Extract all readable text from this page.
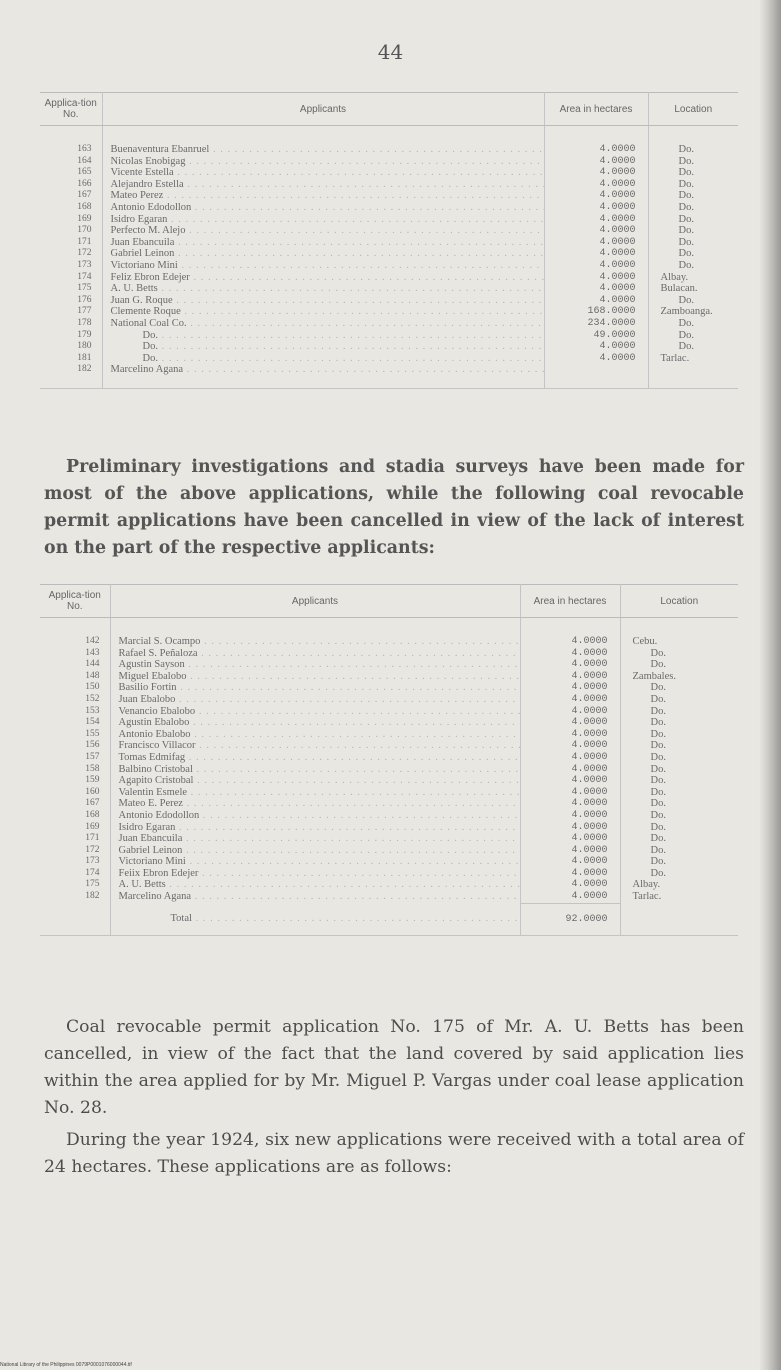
44
Applica-tion No.	Applicants	Area in hectares	Location
163	Buenaventura Ebanruel . . .	4.0000	Do.
164	Nicolas Enobigag . . .	4.0000	Do.
165	Vicente Estella . . .	4.0000	Do.
166	Alejandro Estella . . .	4.0000	Do.
167	Mateo Perez . . .	4.0000	Do.
168	Antonio Edodollon . . .	4.0000	Do.
169	Isidro Egaran . . .	4.0000	Do.
170	Perfecto M. Alejo . . .	4.0000	Do.
171	Juan Ebancuila . . .	4.0000	Do.
172	Gabriel Leinon . . .	4.0000	Do.
173	Victoriano Mini . . .	4.0000	Do.
174	Feliz Ebron Edejer . . .	4.0000	Albay.
175	A. U. Betts . . .	4.0000	Bulacan.
176	Juan G. Roque . . .	4.0000	Do.
177	Clemente Roque . . .	168.0000	Zamboanga.
178	National Coal Co. . . .	234.0000	Do.
179	Do. . . .	49.0000	Do.
180	Do. . . .	4.0000	Do.
181	Do. . . .	4.0000	Tarlac.
182	Marcelino Agana . . .		

Preliminary investigations and stadia surveys have been made for most of the above applications, while the following coal revocable permit applications have been cancelled in view of the lack of interest on the part of the respective applicants:

Applica-tion No.	Applicants	Area in hectares	Location
142	Marcial S. Ocampo . . .	4.0000	Cebu.
143	Rafael S. Peñaloza . . .	4.0000	Do.
144	Agustin Sayson . . .	4.0000	Do.
148	Miguel Ebalobo . . .	4.0000	Zambales.
150	Basilio Fortin . . .	4.0000	Do.
152	Juan Ebalobo . . .	4.0000	Do.
153	Venancio Ebalobo . . .	4.0000	Do.
154	Agustin Ebalobo . . .	4.0000	Do.
155	Antonio Ebalobo . . .	4.0000	Do.
156	Francisco Villacor . . .	4.0000	Do.
157	Tomas Edmifag . . .	4.0000	Do.
158	Balbino Cristobal . . .	4.0000	Do.
159	Agapito Cristobal . . .	4.0000	Do.
160	Valentin Esmele . . .	4.0000	Do.
167	Mateo E. Perez . . .	4.0000	Do.
168	Antonio Edodollon . . .	4.0000	Do.
169	Isidro Egaran . . .	4.0000	Do.
171	Juan Ebancuila . . .	4.0000	Do.
172	Gabriel Leinon . . .	4.0000	Do.
173	Victoriano Mini . . .	4.0000	Do.
174	Feiix Ebron Edejer . . .	4.0000	Do.
175	A. U. Betts . . .	4.0000	Albay.
182	Marcelino Agana . . .	4.0000	Tarlac.
	Total . . .	92.0000	

Coal revocable permit application No. 175 of Mr. A. U. Betts has been cancelled, in view of the fact that the land covered by said application lies within the area applied for by Mr. Miguel P. Vargas under coal lease application No. 28.

During the year 1924, six new applications were received with a total area of 24 hectares. These applications are as follows:

National Library of the Philippines 0079P0001076000044.tif
